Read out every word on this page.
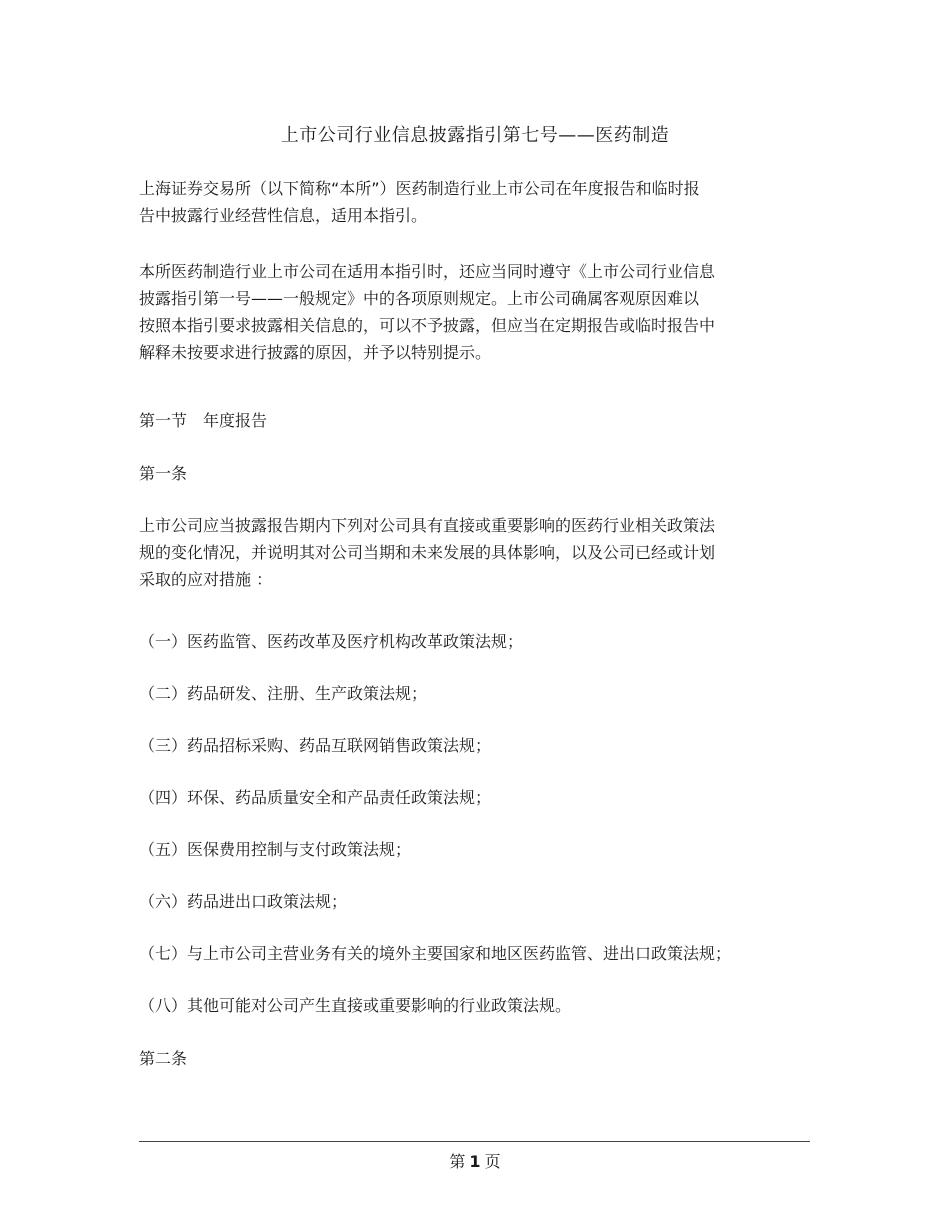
上市公司行业信息披露指引第七号——医药制造

上海证券交易所（以下简称“本所”）医药制造行业上市公司在年度报告和临时报
告中披露行业经营性信息，适用本指引。

本所医药制造行业上市公司在适用本指引时，还应当同时遵守《上市公司行业信息
披露指引第一号——一般规定》中的各项原则规定。上市公司确属客观原因难以
按照本指引要求披露相关信息的，可以不予披露，但应当在定期报告或临时报告中
解释未按要求进行披露的原因，并予以特别提示。

第一节　年度报告
第一条

上市公司应当披露报告期内下列对公司具有直接或重要影响的医药行业相关政策法
规的变化情况，并说明其对公司当期和未来发展的具体影响，以及公司已经或计划
采取的应对措施 ：

（一）医药监管、医药改革及医疗机构改革政策法规；
（二）药品研发、注册、生产政策法规；
（三）药品招标采购、药品互联网销售政策法规；
（四）环保、药品质量安全和产品责任政策法规；
（五）医保费用控制与支付政策法规；
（六）药品进出口政策法规；
（七）与上市公司主营业务有关的境外主要国家和地区医药监管、进出口政策法规；
（八）其他可能对公司产生直接或重要影响的行业政策法规。
第二条
第 1 页
